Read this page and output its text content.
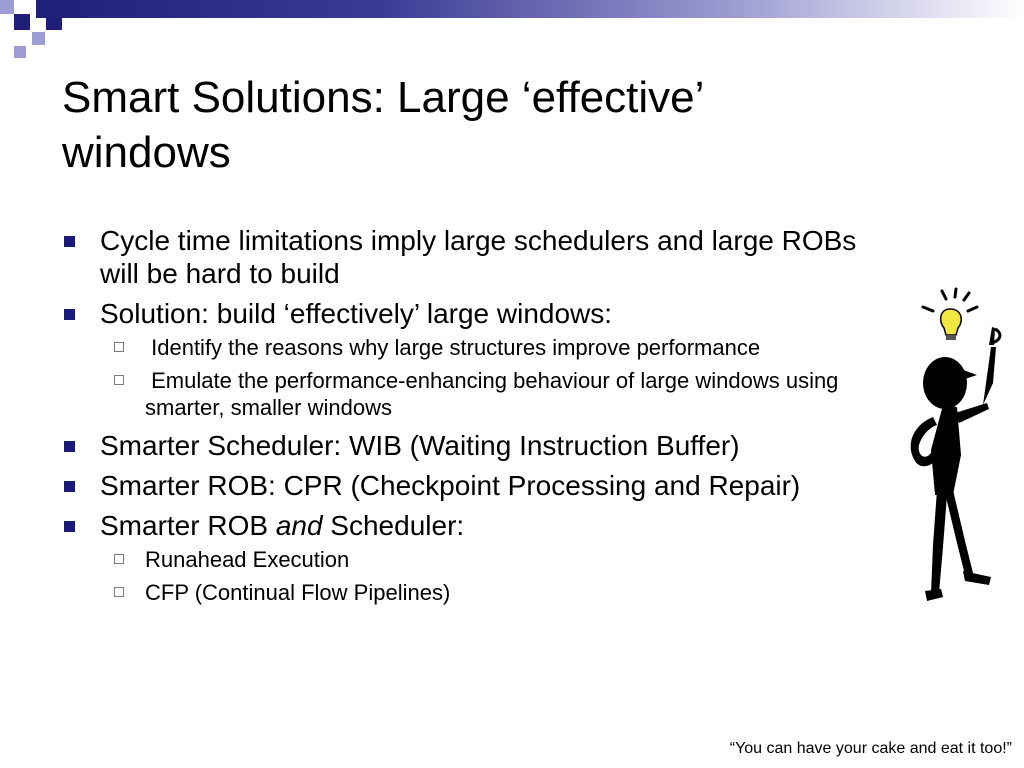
Smart Solutions: Large ‘effective’ windows
Cycle time limitations imply large schedulers and large ROBs will be hard to build
Solution: build ‘effectively’ large windows:
Identify the reasons why large structures improve performance
Emulate the performance-enhancing behaviour of large windows using smarter, smaller windows
Smarter Scheduler: WIB (Waiting Instruction Buffer)
Smarter ROB: CPR (Checkpoint Processing and Repair)
Smarter ROB and Scheduler:
Runahead Execution
CFP (Continual Flow Pipelines)
“You can have your cake and eat it too!”
